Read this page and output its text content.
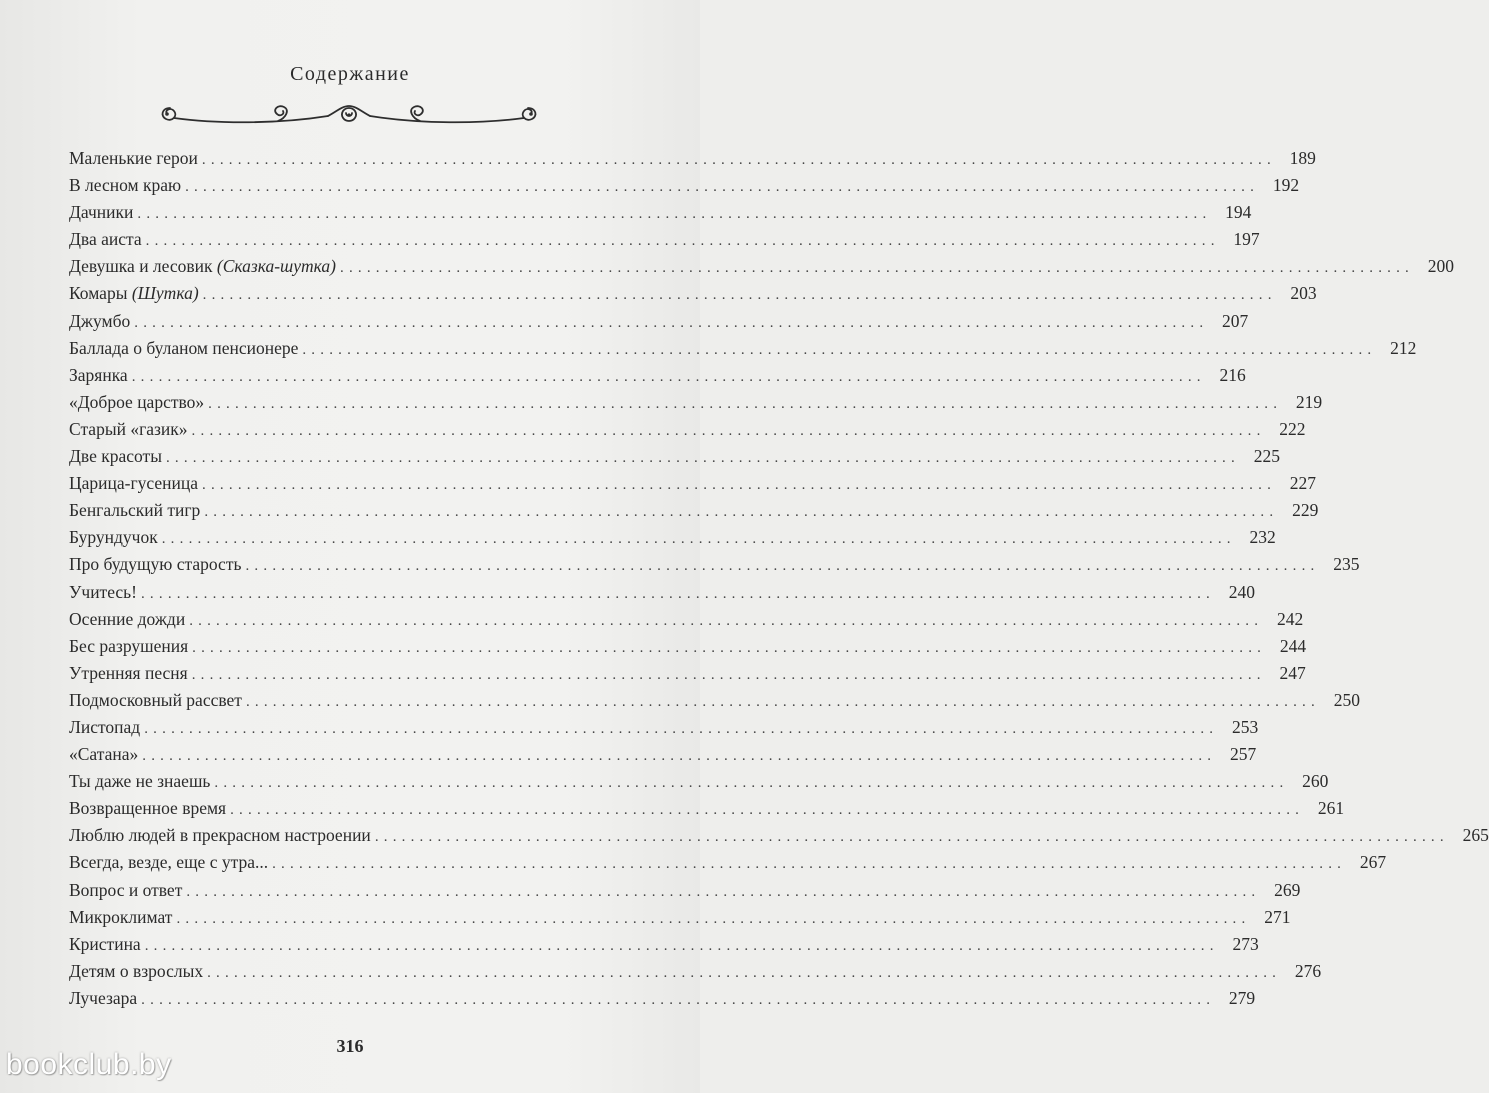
Содержание
Маленькие герои ........................................................................................................................ 189
В лесном краю ........................................................................................................................ 192
Дачники ........................................................................................................................ 194
Два аиста ........................................................................................................................ 197
Девушка и лесовик (Сказка-шутка) ........................................................................................................................ 200
Комары (Шутка) ........................................................................................................................ 203
Джумбо ........................................................................................................................ 207
Баллада о буланом пенсионере ........................................................................................................................ 212
Зарянка ........................................................................................................................ 216
«Доброе царство» ........................................................................................................................ 219
Старый «газик» ........................................................................................................................ 222
Две красоты ........................................................................................................................ 225
Царица-гусеница ........................................................................................................................ 227
Бенгальский тигр ........................................................................................................................ 229
Бурундучок ........................................................................................................................ 232
Про будущую старость ........................................................................................................................ 235
Учитесь! ........................................................................................................................ 240
Осенние дожди ........................................................................................................................ 242
Бес разрушения ........................................................................................................................ 244
Утренняя песня ........................................................................................................................ 247
Подмосковный рассвет ........................................................................................................................ 250
Листопад ........................................................................................................................ 253
«Сатана» ........................................................................................................................ 257
Ты даже не знаешь ........................................................................................................................ 260
Возвращенное время ........................................................................................................................ 261
Люблю людей в прекрасном настроении ........................................................................................................................ 265
Всегда, везде, еще с утра... ........................................................................................................................ 267
Вопрос и ответ ........................................................................................................................ 269
Микроклимат ........................................................................................................................ 271
Кристина ........................................................................................................................ 273
Детям о взрослых ........................................................................................................................ 276
Лучезара ........................................................................................................................ 279
316
bookclub.by
